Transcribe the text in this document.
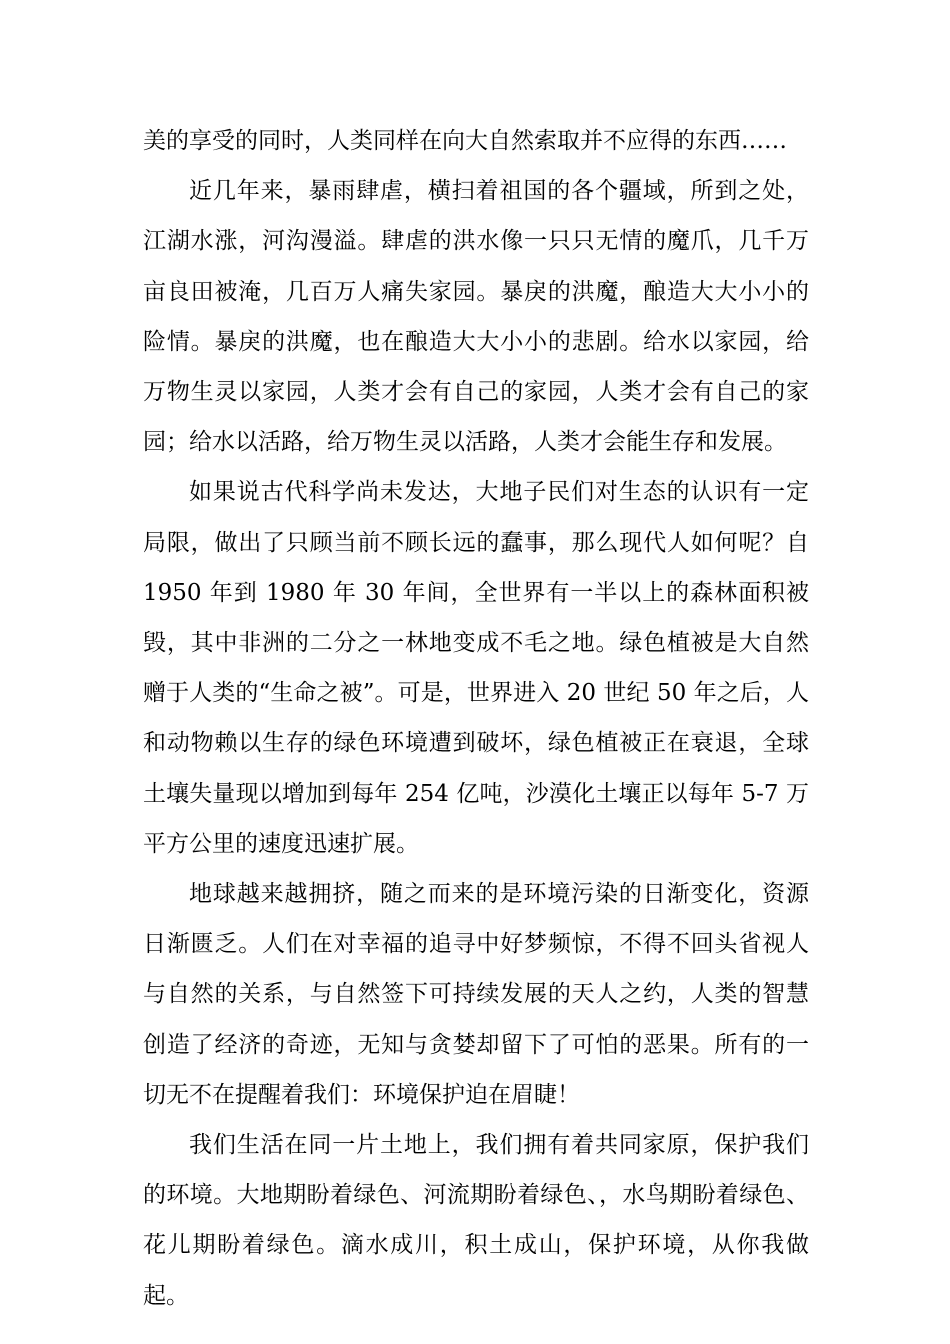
美的享受的同时，人类同样在向大自然索取并不应得的东西……

近几年来，暴雨肆虐，横扫着祖国的各个疆域，所到之处，江湖水涨，河沟漫溢。肆虐的洪水像一只只无情的魔爪，几千万亩良田被淹，几百万人痛失家园。暴戾的洪魔，酿造大大小小的险情。暴戾的洪魔，也在酿造大大小小的悲剧。给水以家园，给万物生灵以家园，人类才会有自己的家园，人类才会有自己的家园；给水以活路，给万物生灵以活路，人类才会能生存和发展。

如果说古代科学尚未发达，大地子民们对生态的认识有一定局限，做出了只顾当前不顾长远的蠢事，那么现代人如何呢？自 1950 年到 1980 年 30 年间，全世界有一半以上的森林面积被毁，其中非洲的二分之一林地变成不毛之地。绿色植被是大自然 赠于人类的“生命之被”。可是，世界进入 20 世纪 50 年之后，人和动物赖以生存的绿色环境遭到破坏，绿色植被正在衰退，全球土壤失量现以增加到每年 254 亿吨，沙漠化土壤正以每年 5-7 万平方公里的速度迅速扩展。

地球越来越拥挤，随之而来的是环境污染的日渐变化，资源日渐匮乏。人们在对幸福的追寻中好梦频惊，不得不回头省视人与自然的关系，与自然签下可持续发展的天人之约，人类的智慧创造了经济的奇迹，无知与贪婪却留下了可怕的恶果。所有的一切无不在提醒着我们：环境保护迫在眉睫！

我们生活在同一片土地上，我们拥有着共同家原，保护我们的环境。大地期盼着绿色、河流期盼着绿色、，水鸟期盼着绿色、花儿期盼着绿色。滴水成川，积土成山，保护环境，从你我做起。
